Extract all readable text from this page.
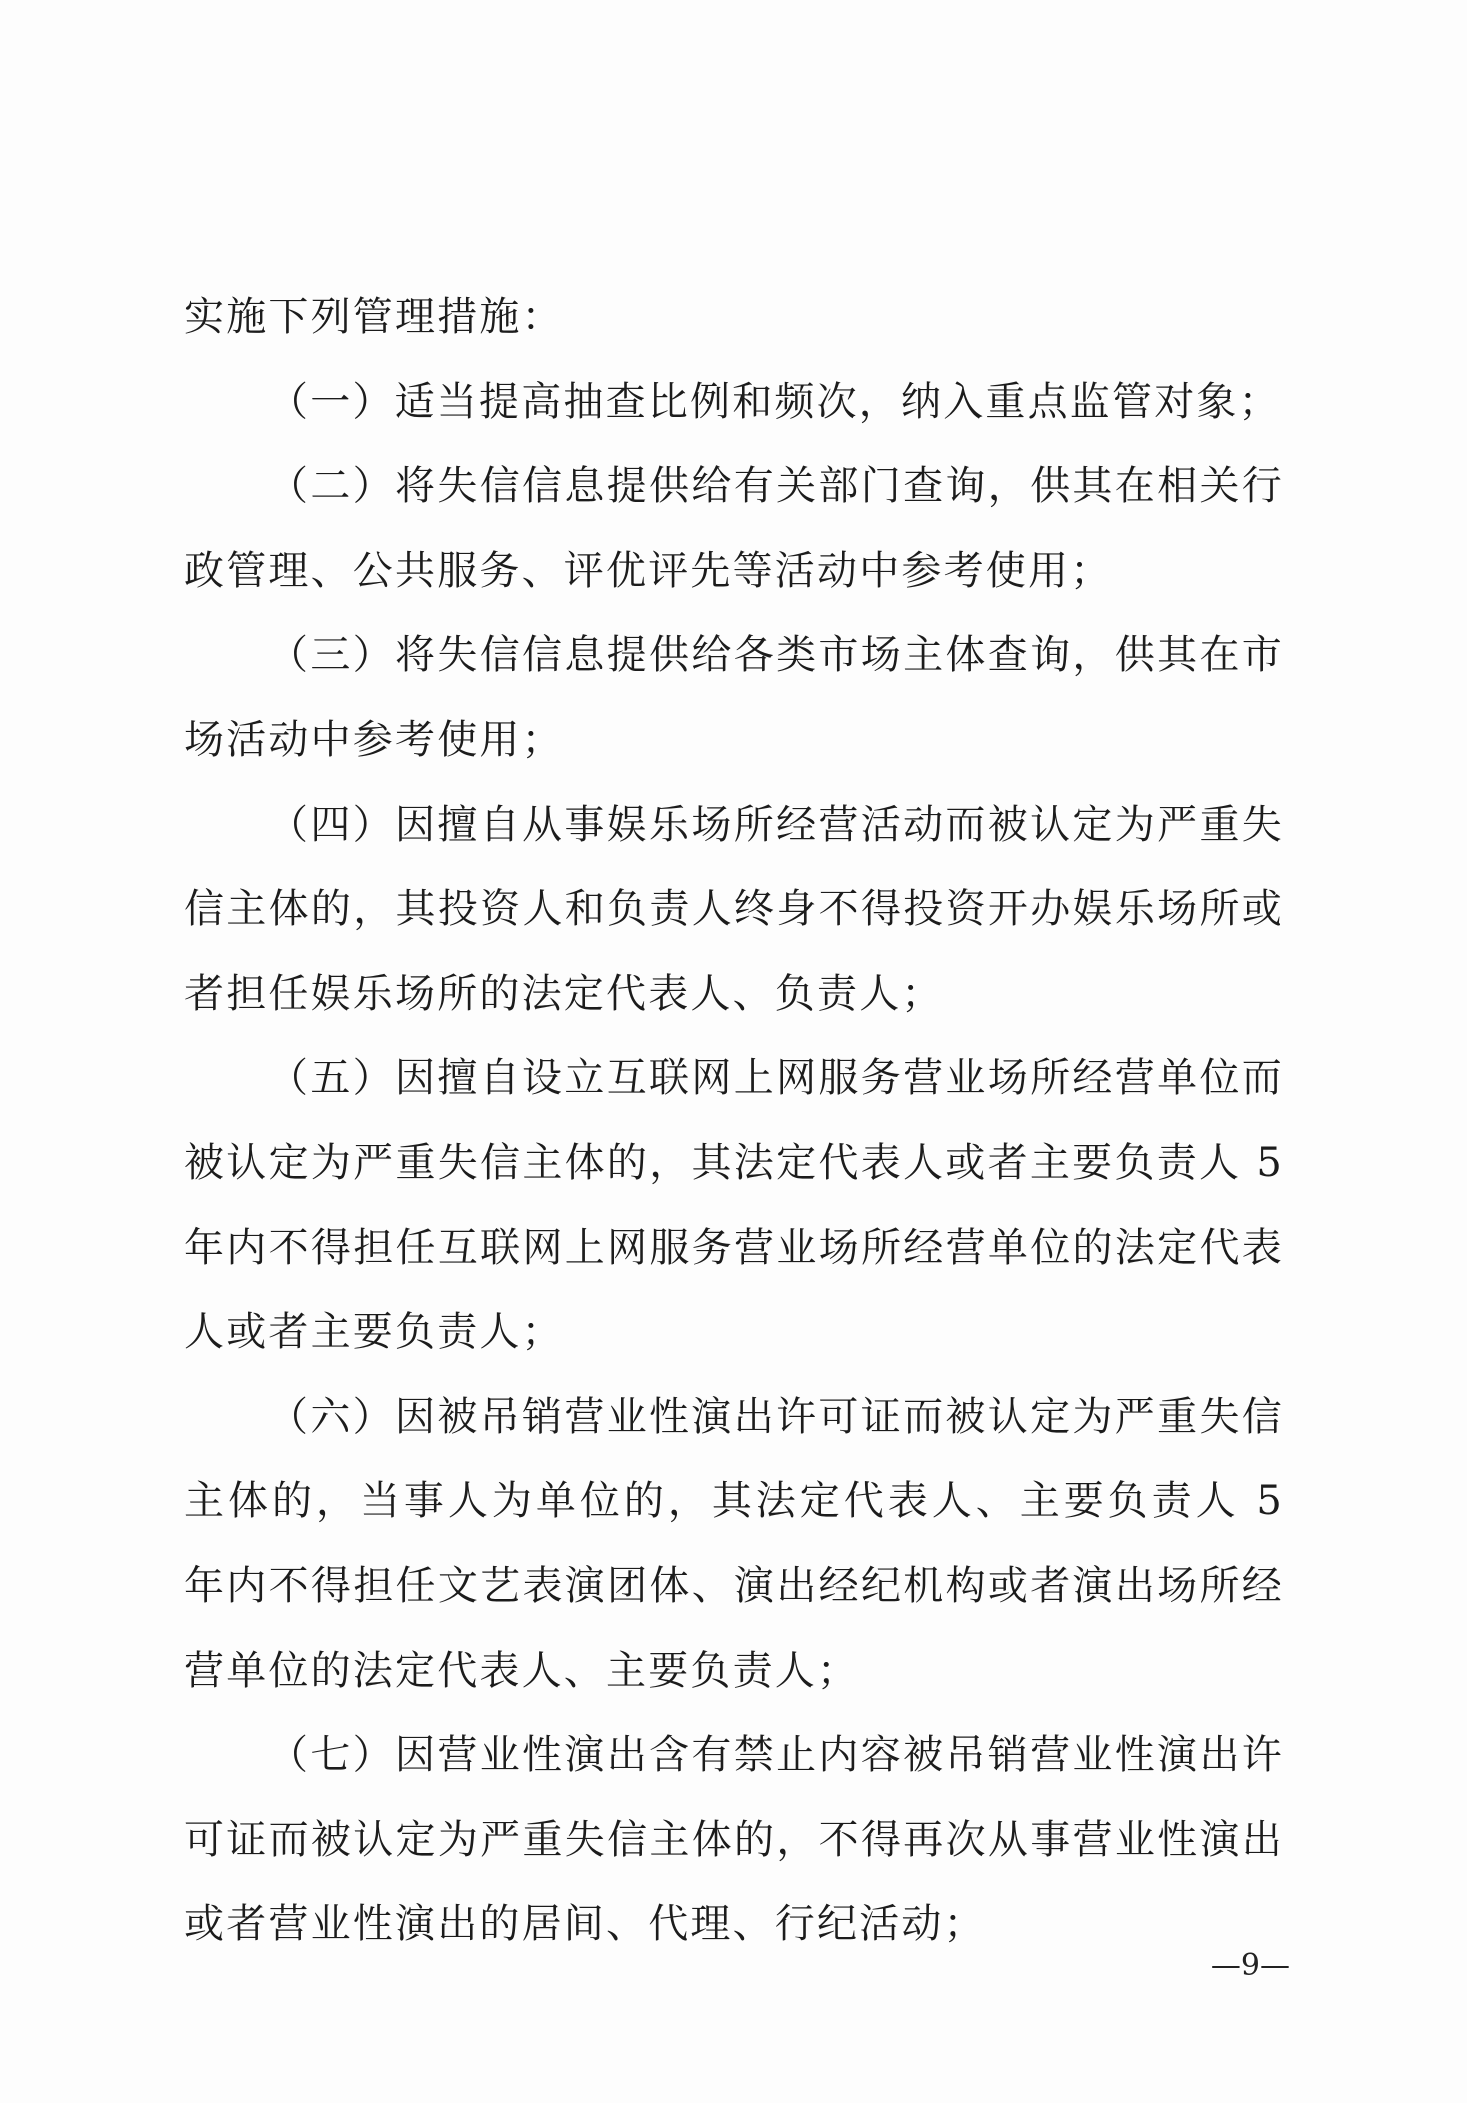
实施下列管理措施：

（一）适当提高抽查比例和频次，纳入重点监管对象；

（二）将失信信息提供给有关部门查询，供其在相关行政管理、公共服务、评优评先等活动中参考使用；

（三）将失信信息提供给各类市场主体查询，供其在市场活动中参考使用；

（四）因擅自从事娱乐场所经营活动而被认定为严重失信主体的，其投资人和负责人终身不得投资开办娱乐场所或者担任娱乐场所的法定代表人、负责人；

（五）因擅自设立互联网上网服务营业场所经营单位而被认定为严重失信主体的，其法定代表人或者主要负责人 5 年内不得担任互联网上网服务营业场所经营单位的法定代表人或者主要负责人；

（六）因被吊销营业性演出许可证而被认定为严重失信主体的，当事人为单位的，其法定代表人、主要负责人 5 年内不得担任文艺表演团体、演出经纪机构或者演出场所经营单位的法定代表人、主要负责人；

（七）因营业性演出含有禁止内容被吊销营业性演出许可证而被认定为严重失信主体的，不得再次从事营业性演出或者营业性演出的居间、代理、行纪活动；

—9—
